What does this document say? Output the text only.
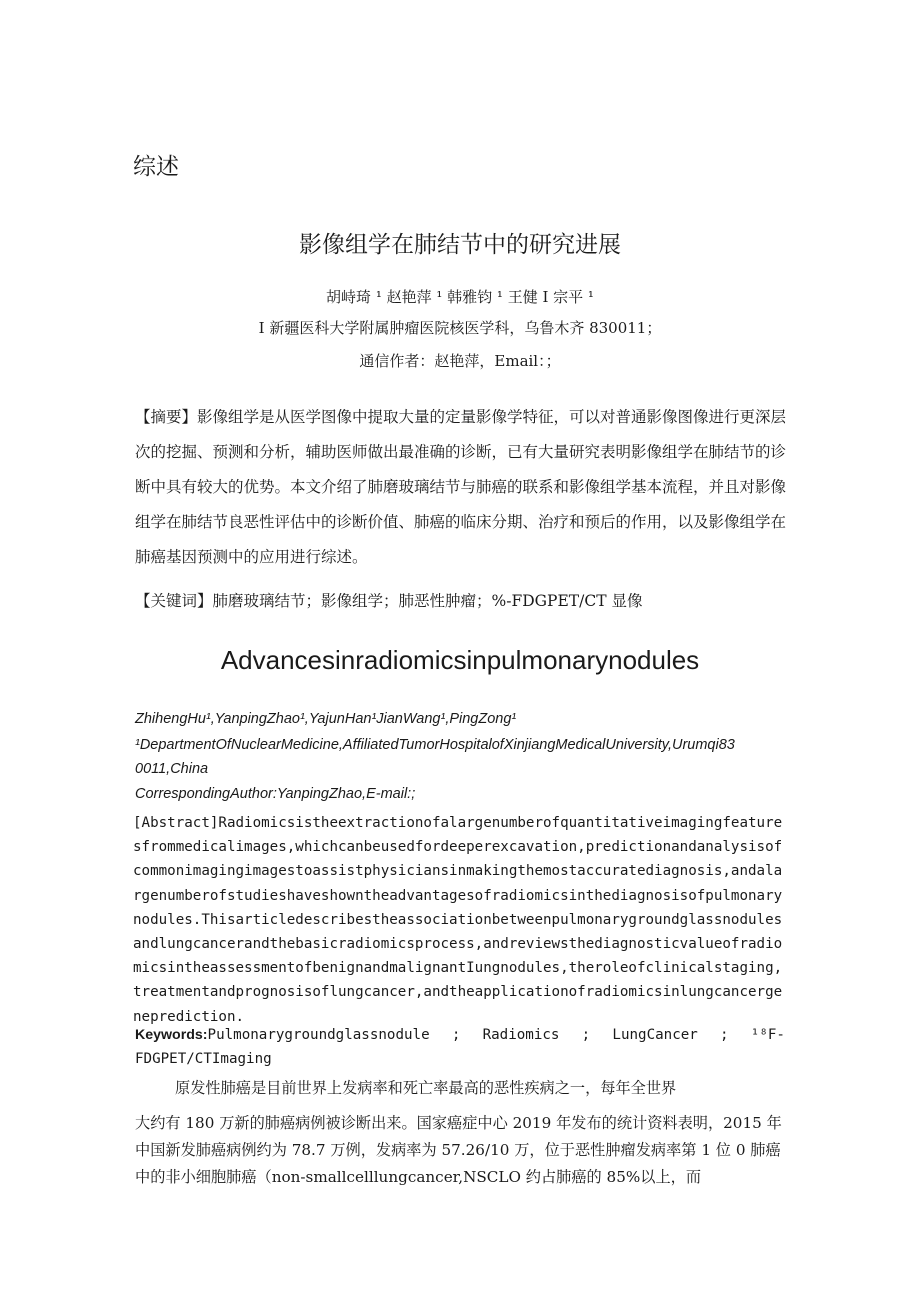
综述
影像组学在肺结节中的研究进展
胡峙琦 ¹ 赵艳萍 ¹ 韩雅钧 ¹ 王健 I 宗平 ¹
I 新疆医科大学附属肿瘤医院核医学科，乌鲁木齐 830011；
通信作者：赵艳萍，Email：；
【摘要】影像组学是从医学图像中提取大量的定量影像学特征，可以对普通影像图像进行更深层次的挖掘、预测和分析，辅助医师做出最准确的诊断，已有大量研究表明影像组学在肺结节的诊断中具有较大的优势。本文介绍了肺磨玻璃结节与肺癌的联系和影像组学基本流程，并且对影像组学在肺结节良恶性评估中的诊断价值、肺癌的临床分期、治疗和预后的作用，以及影像组学在肺癌基因预测中的应用进行综述。
【关键词】肺磨玻璃结节；影像组学；肺恶性肿瘤；%-FDGPET/CT 显像
Advancesinradiomicsinpulmonarynodules
ZhihengHu¹,YanpingZhao¹,YajunHan¹JianWang¹,PingZong¹
¹DepartmentOfNuclearMedicine,AffiliatedTumorHospitalofXinjiangMedicalUniversity,Urumqi83
0011,China
CorrespondingAuthor:YanpingZhao,E-mail:;
[Abstract]Radiomicsistheextractionofalargenumberofquantitativeimagingfeaturesfrommedicalimages,whichcanbeusedfordeeperexcavation,predictionandanalysisofcommonimagingimagestoassistphysiciansinmakingthemostaccuratediagnosis,andalargenumberofstudieshaveshowntheadvantagesofradiomicsinthediagnosisofpulmonarynodules.Thisarticledescribestheassociationbetweenpulmonarygroundglassnodulesandlungcancerandthebasicradiomicsprocess,andreviewsthediagnosticvalueofradiomicsintheassessmentofbenignandmalignantIungnodules,theroleofclinicalstaging,treatmentandprognosisoflungcancer,andtheapplicationofradiomicsinlungcancergeneprediction.
Keywords:Pulmonarygroundglassnodule ; Radiomics ; LungCancer ; ¹⁸F-
FDGPET/CTImaging
原发性肺癌是目前世界上发病率和死亡率最高的恶性疾病之一，每年全世界
大约有 180 万新的肺癌病例被诊断出来。国家癌症中心 2019 年发布的统计资料表明，2015 年中国新发肺癌病例约为 78.7 万例，发病率为 57.26/10 万，位于恶性肿瘤发病率第 1 位 0 肺癌中的非小细胞肺癌（non-smallcelllungcancer,NSCLO 约占肺癌的 85%以上，而
